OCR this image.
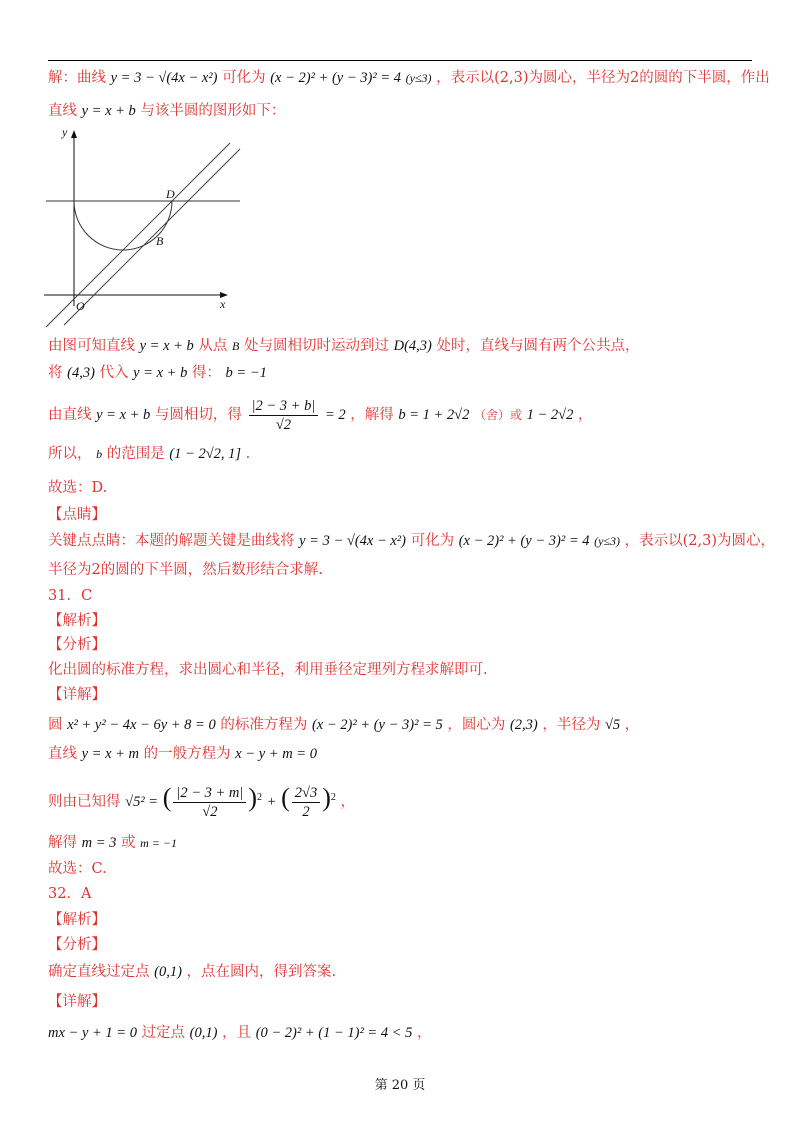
解：曲线 y = 3 − √(4x − x²) 可化为 (x − 2)² + (y − 3)² = 4 (y≤3) ，表示以(2,3)为圆心，半径为2的圆的下半圆，作出
直线 y = x + b 与该半圆的图形如下：
y
x
O
D
B
由图可知直线 y = x + b 从点 B 处与圆相切时运动到过 D(4,3) 处时，直线与圆有两个公共点，
将 (4,3) 代入 y = x + b 得： b = −1
由直线 y = x + b 与圆相切，得 $\frac{|2 - 3 + b|}{√2} = 2$ ，解得 b = 1 + 2√2 （舍）或 1 − 2√2 ，
所以， b 的范围是 (1 − 2√2, 1] .
故选：D.
【点睛】
关键点点睛：本题的解题关键是曲线将 y = 3 − √(4x − x²) 可化为 (x − 2)² + (y − 3)² = 4 (y≤3) ，表示以(2,3)为圆心，
半径为2的圆的下半圆，然后数形结合求解.
31．C
【解析】
【分析】
化出圆的标准方程，求出圆心和半径，利用垂径定理列方程求解即可.
【详解】
圆 x² + y² − 4x − 6y + 8 = 0 的标准方程为 (x − 2)² + (y − 3)² = 5 ，圆心为 (2,3) ，半径为 √5 ，
直线 y = x + m 的一般方程为 x − y + m = 0
则由已知得 √5² = ( $\frac{|2 - 3 + m|}{√2} )^2$ + ( $\frac{2√3}{2} )^2$ ，
解得 m = 3 或 m = −1
故选：C.
32．A
【解析】
【分析】
确定直线过定点 (0,1) ，点在圆内，得到答案.
【详解】
mx − y + 1 = 0 过定点 (0,1) ，且 (0 − 2)² + (1 − 1)² = 4 < 5 ，
第 20 页
